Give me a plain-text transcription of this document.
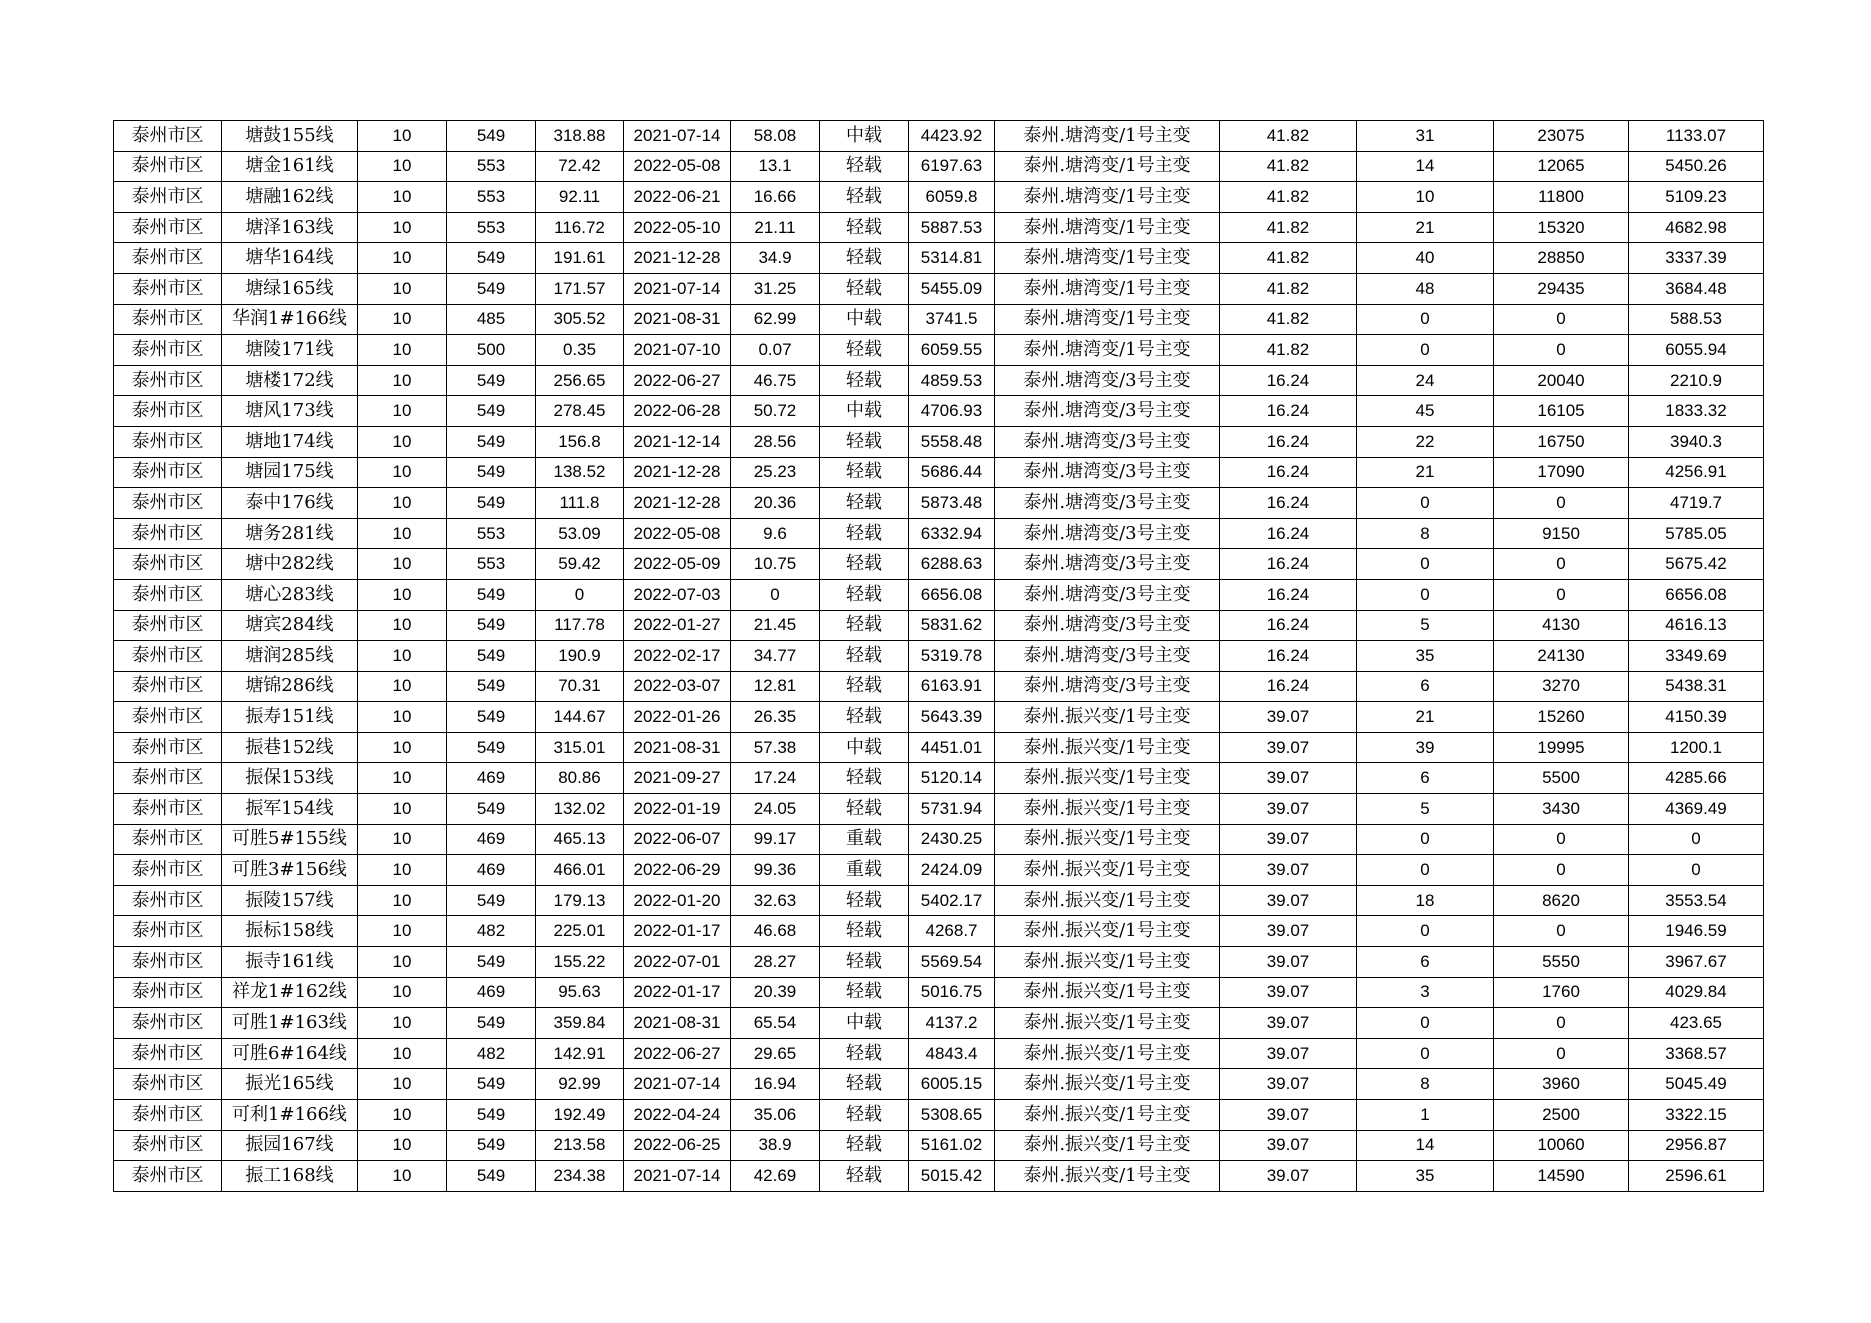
泰州市区	塘鼓155线	10	549	318.88	2021-07-14	58.08	中载	4423.92	泰州.塘湾变/1号主变	41.82	31	23075	1133.07
泰州市区	塘金161线	10	553	72.42	2022-05-08	13.1	轻载	6197.63	泰州.塘湾变/1号主变	41.82	14	12065	5450.26
泰州市区	塘融162线	10	553	92.11	2022-06-21	16.66	轻载	6059.8	泰州.塘湾变/1号主变	41.82	10	11800	5109.23
泰州市区	塘泽163线	10	553	116.72	2022-05-10	21.11	轻载	5887.53	泰州.塘湾变/1号主变	41.82	21	15320	4682.98
泰州市区	塘华164线	10	549	191.61	2021-12-28	34.9	轻载	5314.81	泰州.塘湾变/1号主变	41.82	40	28850	3337.39
泰州市区	塘绿165线	10	549	171.57	2021-07-14	31.25	轻载	5455.09	泰州.塘湾变/1号主变	41.82	48	29435	3684.48
泰州市区	华润1#166线	10	485	305.52	2021-08-31	62.99	中载	3741.5	泰州.塘湾变/1号主变	41.82	0	0	588.53
泰州市区	塘陵171线	10	500	0.35	2021-07-10	0.07	轻载	6059.55	泰州.塘湾变/1号主变	41.82	0	0	6055.94
泰州市区	塘楼172线	10	549	256.65	2022-06-27	46.75	轻载	4859.53	泰州.塘湾变/3号主变	16.24	24	20040	2210.9
泰州市区	塘风173线	10	549	278.45	2022-06-28	50.72	中载	4706.93	泰州.塘湾变/3号主变	16.24	45	16105	1833.32
泰州市区	塘地174线	10	549	156.8	2021-12-14	28.56	轻载	5558.48	泰州.塘湾变/3号主变	16.24	22	16750	3940.3
泰州市区	塘园175线	10	549	138.52	2021-12-28	25.23	轻载	5686.44	泰州.塘湾变/3号主变	16.24	21	17090	4256.91
泰州市区	泰中176线	10	549	111.8	2021-12-28	20.36	轻载	5873.48	泰州.塘湾变/3号主变	16.24	0	0	4719.7
泰州市区	塘务281线	10	553	53.09	2022-05-08	9.6	轻载	6332.94	泰州.塘湾变/3号主变	16.24	8	9150	5785.05
泰州市区	塘中282线	10	553	59.42	2022-05-09	10.75	轻载	6288.63	泰州.塘湾变/3号主变	16.24	0	0	5675.42
泰州市区	塘心283线	10	549	0	2022-07-03	0	轻载	6656.08	泰州.塘湾变/3号主变	16.24	0	0	6656.08
泰州市区	塘宾284线	10	549	117.78	2022-01-27	21.45	轻载	5831.62	泰州.塘湾变/3号主变	16.24	5	4130	4616.13
泰州市区	塘润285线	10	549	190.9	2022-02-17	34.77	轻载	5319.78	泰州.塘湾变/3号主变	16.24	35	24130	3349.69
泰州市区	塘锦286线	10	549	70.31	2022-03-07	12.81	轻载	6163.91	泰州.塘湾变/3号主变	16.24	6	3270	5438.31
泰州市区	振寿151线	10	549	144.67	2022-01-26	26.35	轻载	5643.39	泰州.振兴变/1号主变	39.07	21	15260	4150.39
泰州市区	振巷152线	10	549	315.01	2021-08-31	57.38	中载	4451.01	泰州.振兴变/1号主变	39.07	39	19995	1200.1
泰州市区	振保153线	10	469	80.86	2021-09-27	17.24	轻载	5120.14	泰州.振兴变/1号主变	39.07	6	5500	4285.66
泰州市区	振军154线	10	549	132.02	2022-01-19	24.05	轻载	5731.94	泰州.振兴变/1号主变	39.07	5	3430	4369.49
泰州市区	可胜5#155线	10	469	465.13	2022-06-07	99.17	重载	2430.25	泰州.振兴变/1号主变	39.07	0	0	0
泰州市区	可胜3#156线	10	469	466.01	2022-06-29	99.36	重载	2424.09	泰州.振兴变/1号主变	39.07	0	0	0
泰州市区	振陵157线	10	549	179.13	2022-01-20	32.63	轻载	5402.17	泰州.振兴变/1号主变	39.07	18	8620	3553.54
泰州市区	振标158线	10	482	225.01	2022-01-17	46.68	轻载	4268.7	泰州.振兴变/1号主变	39.07	0	0	1946.59
泰州市区	振寺161线	10	549	155.22	2022-07-01	28.27	轻载	5569.54	泰州.振兴变/1号主变	39.07	6	5550	3967.67
泰州市区	祥龙1#162线	10	469	95.63	2022-01-17	20.39	轻载	5016.75	泰州.振兴变/1号主变	39.07	3	1760	4029.84
泰州市区	可胜1#163线	10	549	359.84	2021-08-31	65.54	中载	4137.2	泰州.振兴变/1号主变	39.07	0	0	423.65
泰州市区	可胜6#164线	10	482	142.91	2022-06-27	29.65	轻载	4843.4	泰州.振兴变/1号主变	39.07	0	0	3368.57
泰州市区	振光165线	10	549	92.99	2021-07-14	16.94	轻载	6005.15	泰州.振兴变/1号主变	39.07	8	3960	5045.49
泰州市区	可利1#166线	10	549	192.49	2022-04-24	35.06	轻载	5308.65	泰州.振兴变/1号主变	39.07	1	2500	3322.15
泰州市区	振园167线	10	549	213.58	2022-06-25	38.9	轻载	5161.02	泰州.振兴变/1号主变	39.07	14	10060	2956.87
泰州市区	振工168线	10	549	234.38	2021-07-14	42.69	轻载	5015.42	泰州.振兴变/1号主变	39.07	35	14590	2596.61
